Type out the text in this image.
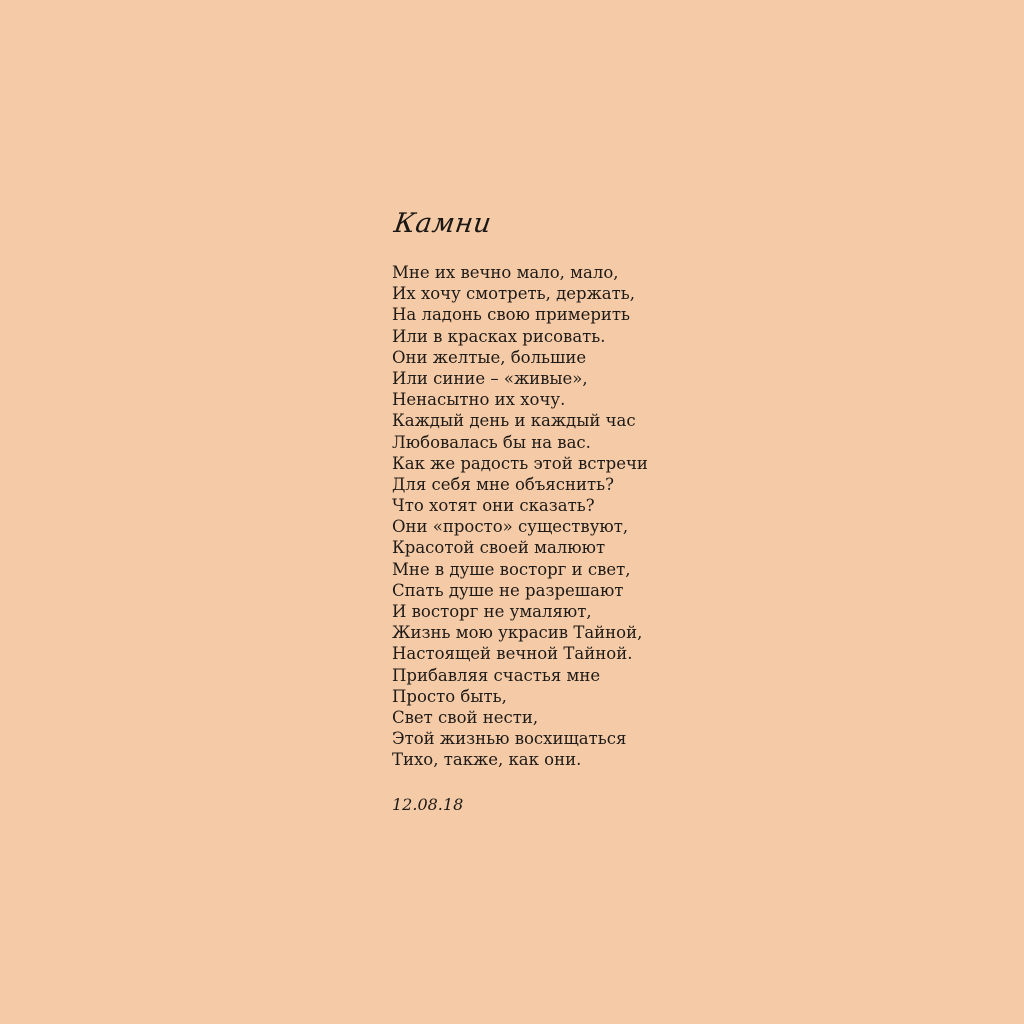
Камни
Мне их вечно мало, мало,
Их хочу смотреть, держать,
На ладонь свою примерить
Или в красках рисовать.
Они желтые, большие
Или синие – «живые»,
Ненасытно их хочу.
Каждый день и каждый час
Любовалась бы на вас.
Как же радость этой встречи
Для себя мне объяснить?
Что хотят они сказать?
Они «просто» существуют,
Красотой своей малюют
Мне в душе восторг и свет,
Спать душе не разрешают
И восторг не умаляют,
Жизнь мою украсив Тайной,
Настоящей вечной Тайной.
Прибавляя счастья мне
Просто быть,
Свет свой нести,
Этой жизнью восхищаться
Тихо, также, как они.
12.08.18
